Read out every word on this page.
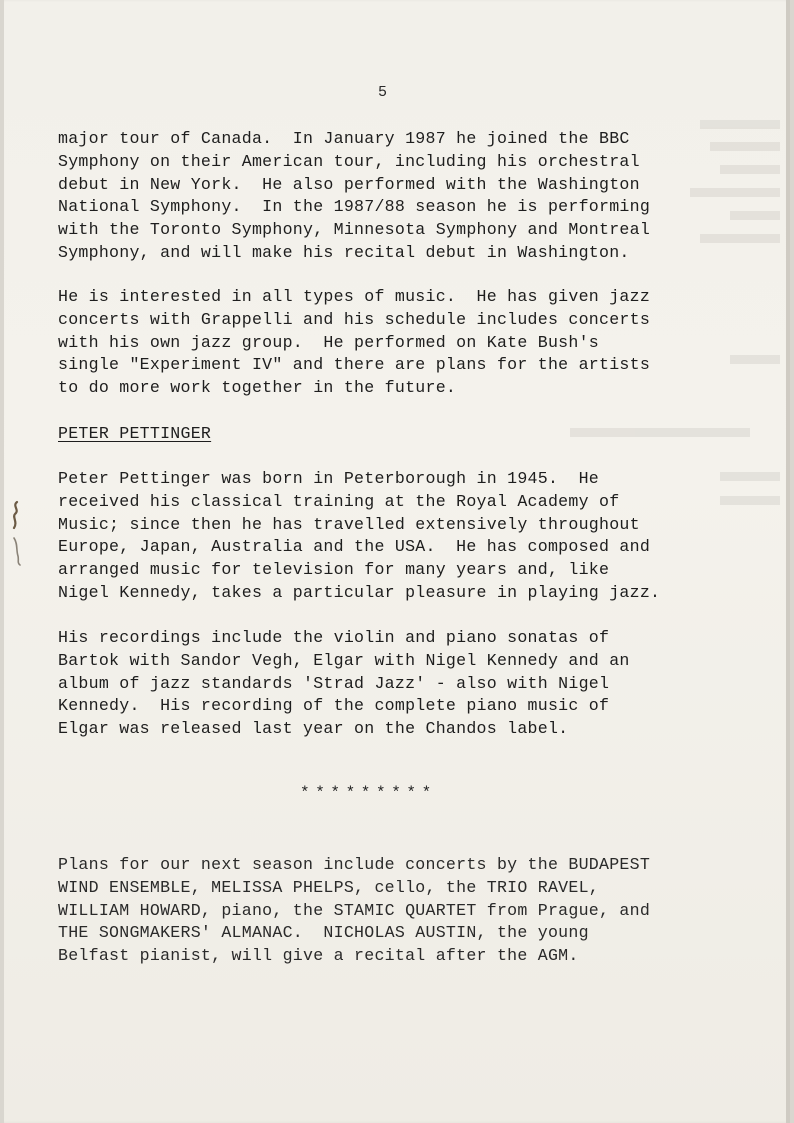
5
major tour of Canada.  In January 1987 he joined the BBC
Symphony on their American tour, including his orchestral
debut in New York.  He also performed with the Washington
National Symphony.  In the 1987/88 season he is performing
with the Toronto Symphony, Minnesota Symphony and Montreal
Symphony, and will make his recital debut in Washington.
He is interested in all types of music.  He has given jazz
concerts with Grappelli and his schedule includes concerts
with his own jazz group.  He performed on Kate Bush's
single "Experiment IV" and there are plans for the artists
to do more work together in the future.
PETER PETTINGER
Peter Pettinger was born in Peterborough in 1945.  He
received his classical training at the Royal Academy of
Music; since then he has travelled extensively throughout
Europe, Japan, Australia and the USA.  He has composed and
arranged music for television for many years and, like
Nigel Kennedy, takes a particular pleasure in playing jazz.
His recordings include the violin and piano sonatas of
Bartok with Sandor Vegh, Elgar with Nigel Kennedy and an
album of jazz standards 'Strad Jazz' - also with Nigel
Kennedy.  His recording of the complete piano music of
Elgar was released last year on the Chandos label.
*********
Plans for our next season include concerts by the BUDAPEST
WIND ENSEMBLE, MELISSA PHELPS, cello, the TRIO RAVEL,
WILLIAM HOWARD, piano, the STAMIC QUARTET from Prague, and
THE SONGMAKERS' ALMANAC.  NICHOLAS AUSTIN, the young
Belfast pianist, will give a recital after the AGM.
